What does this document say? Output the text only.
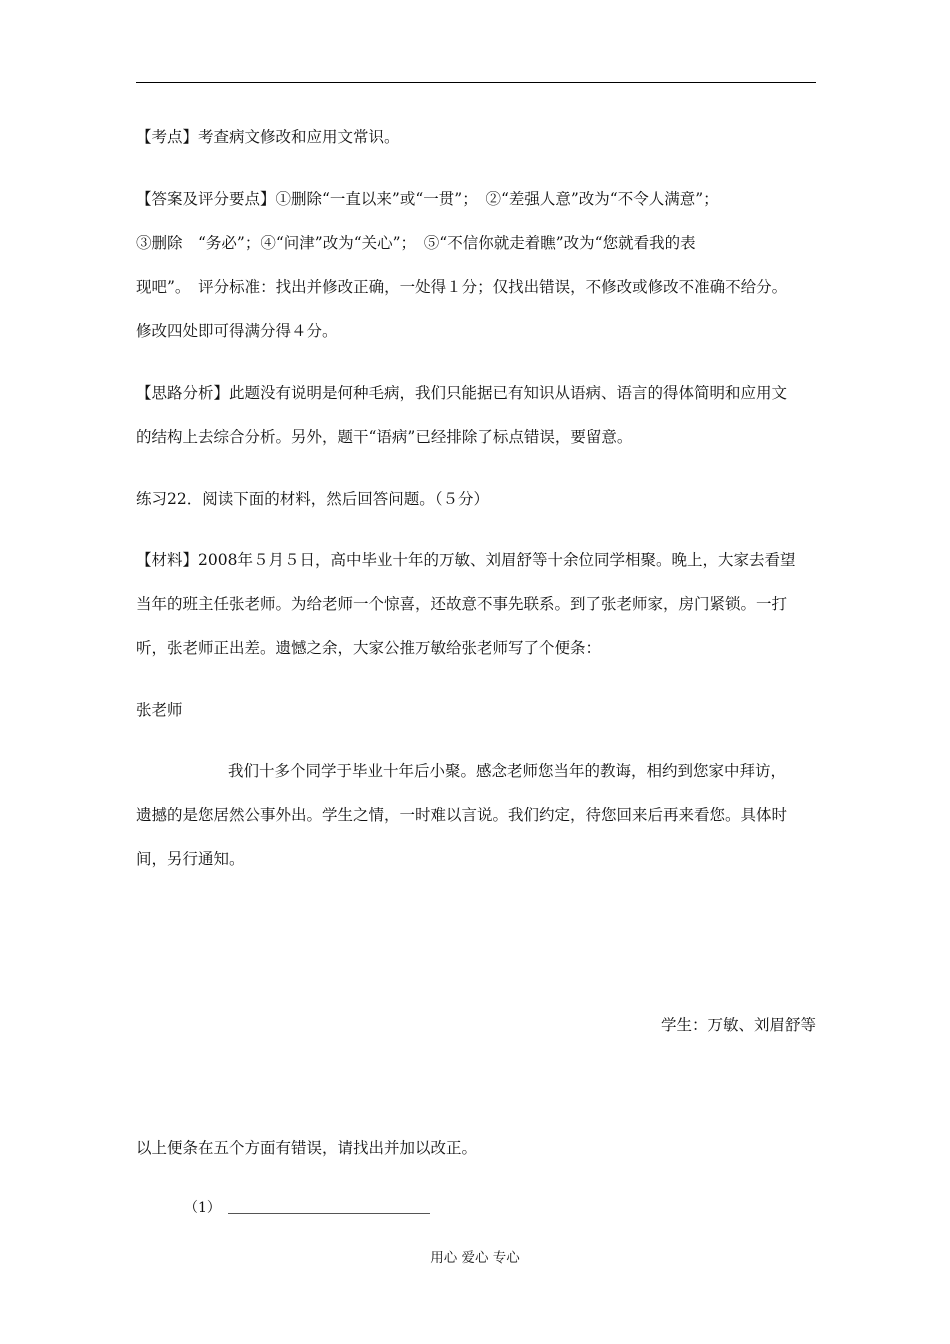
【考点】考查病文修改和应用文常识。
【答案及评分要点】①删除“一直以来”或“一贯”；　②“差强人意”改为“不令人满意”；
③删除　“务必”；④“问津”改为“关心”；　⑤“不信你就走着瞧”改为“您就看我的表
现吧”。　评分标准：找出并修改正确，一处得１分；仅找出错误，不修改或修改不准确不给分。
修改四处即可得满分得４分。
【思路分析】此题没有说明是何种毛病，我们只能据已有知识从语病、语言的得体简明和应用文
的结构上去综合分析。另外，题干“语病”已经排除了标点错误，要留意。
练习22．阅读下面的材料，然后回答问题。（５分）
【材料】2008年５月５日，高中毕业十年的万敏、刘眉舒等十余位同学相聚。晚上，大家去看望
当年的班主任张老师。为给老师一个惊喜，还故意不事先联系。到了张老师家，房门紧锁。一打
听，张老师正出差。遗憾之余，大家公推万敏给张老师写了个便条：
张老师
我们十多个同学于毕业十年后小聚。感念老师您当年的教诲，相约到您家中拜访，
遗撼的是您居然公事外出。学生之情，一时难以言说。我们约定，待您回来后再来看您。具体时
间，另行通知。
学生：万敏、刘眉舒等
以上便条在五个方面有错误，请找出并加以改正。
（1）
用心 爱心 专心
